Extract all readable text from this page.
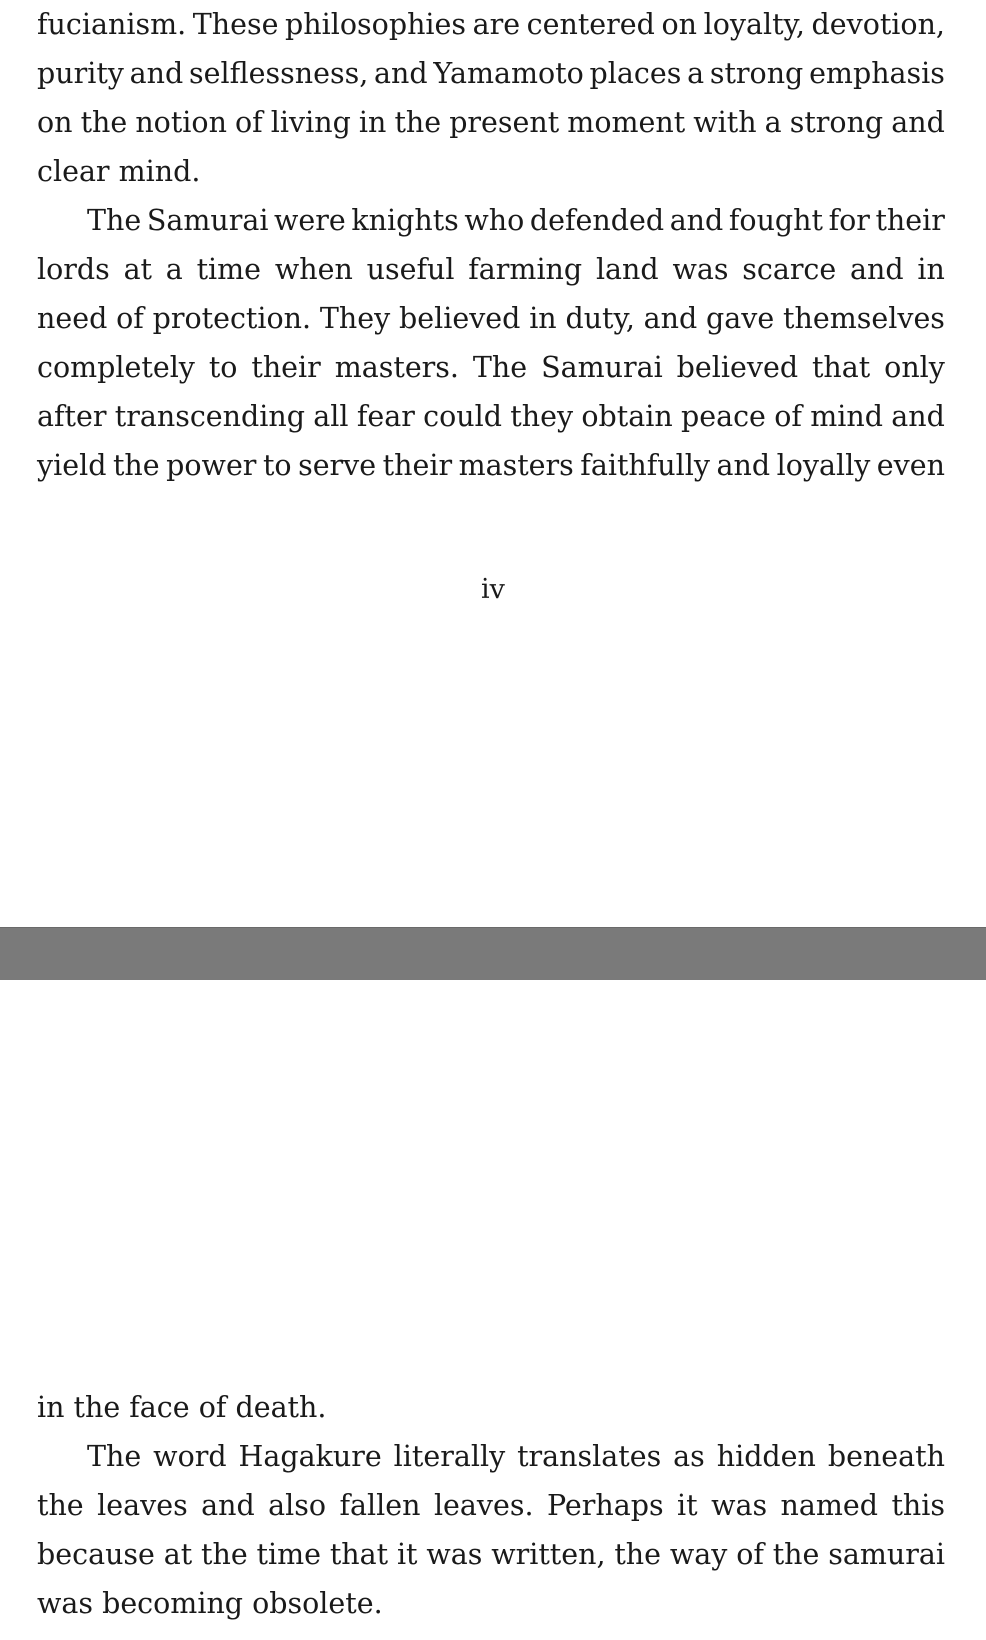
fucianism. These philosophies are centered on loyalty, devotion,
purity and selflessness, and Yamamoto places a strong emphasis
on the notion of living in the present moment with a strong and
clear mind.
The Samurai were knights who defended and fought for their
lords at a time when useful farming land was scarce and in
need of protection. They believed in duty, and gave themselves
completely to their masters. The Samurai believed that only
after transcending all fear could they obtain peace of mind and
yield the power to serve their masters faithfully and loyally even
iv
in the face of death.
The word Hagakure literally translates as hidden beneath
the leaves and also fallen leaves. Perhaps it was named this
because at the time that it was written, the way of the samurai
was becoming obsolete.
